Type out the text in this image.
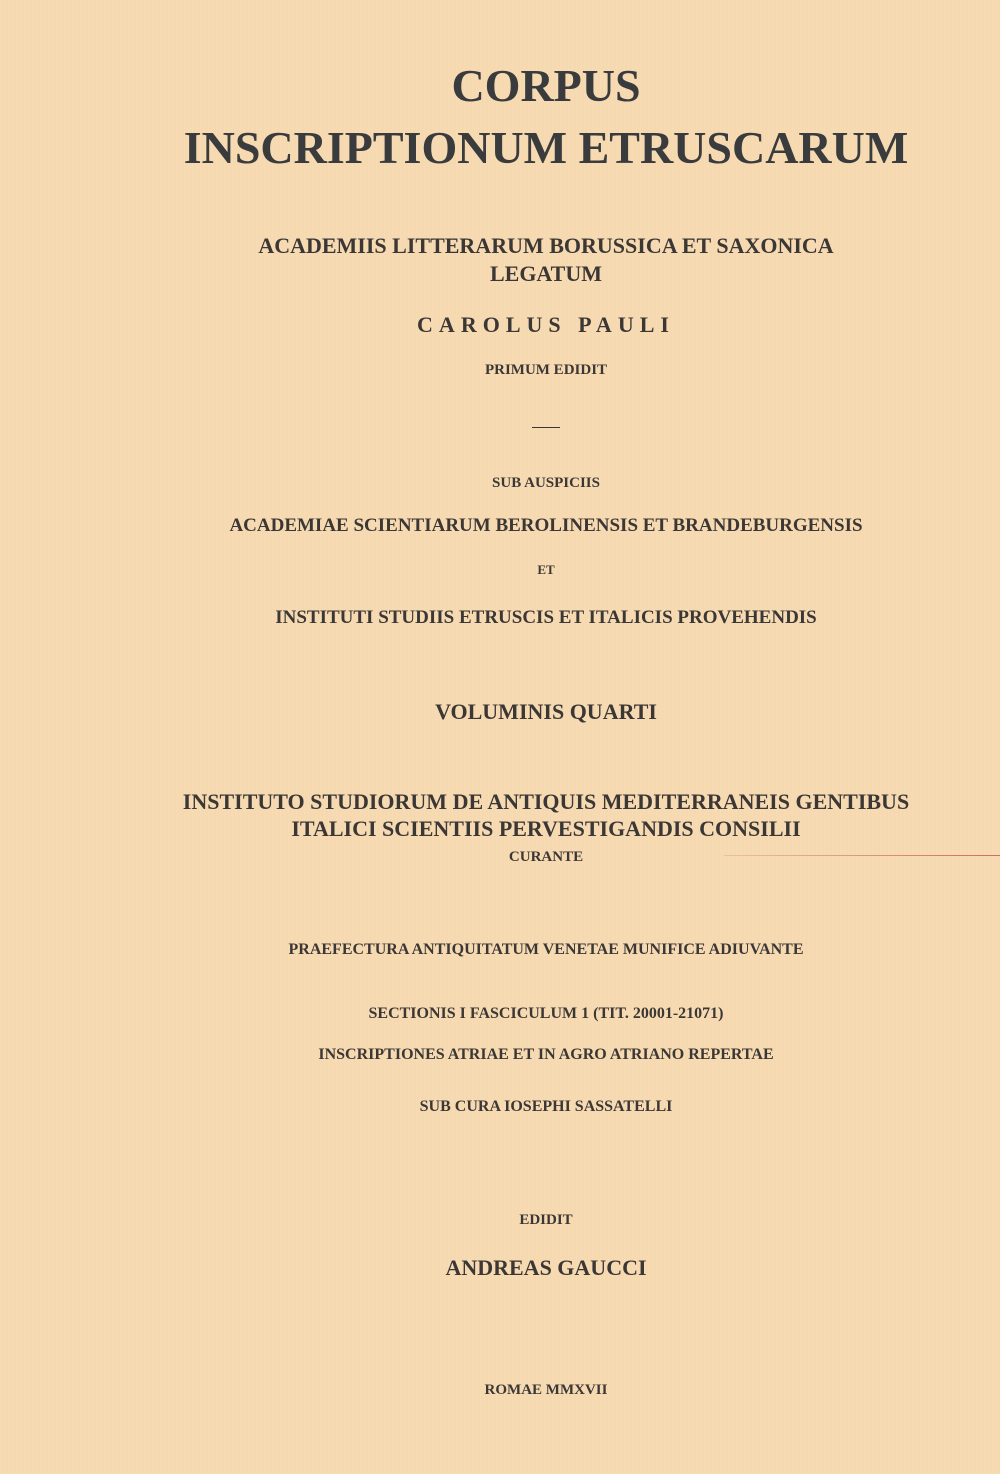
CORPUS
INSCRIPTIONUM ETRUSCARUM
ACADEMIIS LITTERARUM BORUSSICA ET SAXONICA
LEGATUM
CAROLUS PAULI
PRIMUM EDIDIT
SUB AUSPICIIS
ACADEMIAE SCIENTIARUM BEROLINENSIS ET BRANDEBURGENSIS
ET
INSTITUTI STUDIIS ETRUSCIS ET ITALICIS PROVEHENDIS
VOLUMINIS QUARTI
INSTITUTO STUDIORUM DE ANTIQUIS MEDITERRANEIS GENTIBUS
ITALICI SCIENTIIS PERVESTIGANDIS CONSILII
CURANTE
PRAEFECTURA ANTIQUITATUM VENETAE MUNIFICE ADIUVANTE
SECTIONIS I FASCICULUM 1 (TIT. 20001-21071)
INSCRIPTIONES ATRIAE ET IN AGRO ATRIANO REPERTAE
SUB CURA IOSEPHI SASSATELLI
EDIDIT
ANDREAS GAUCCI
ROMAE MMXVII
